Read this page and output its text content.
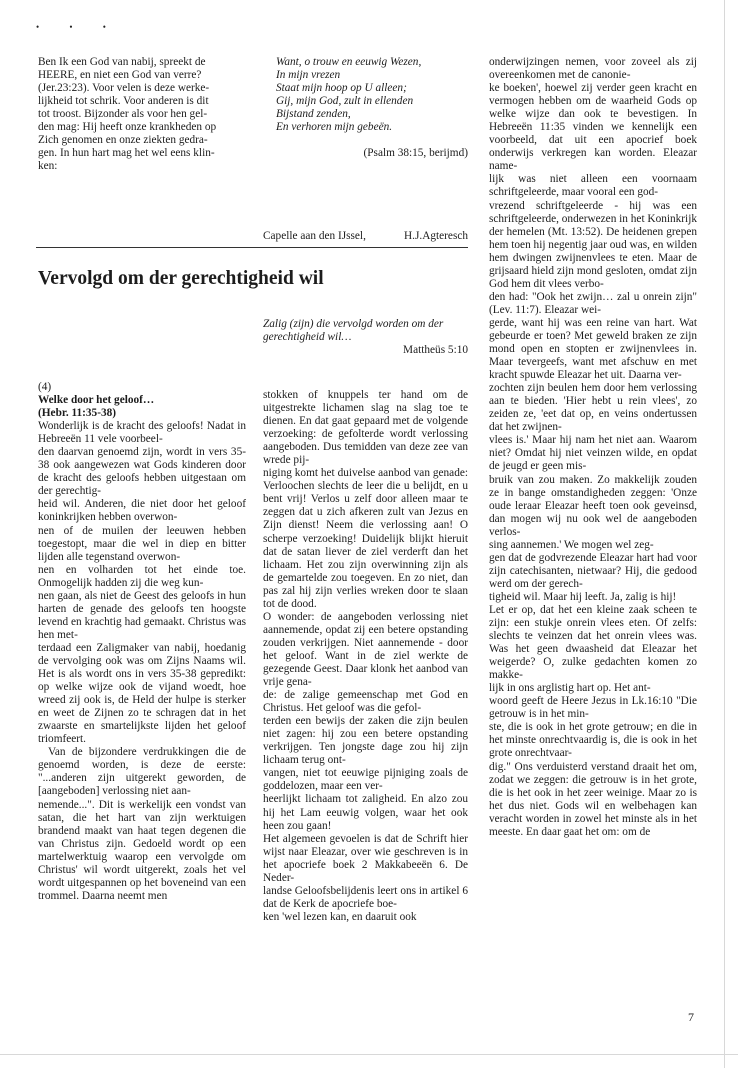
• • •

Ben Ik een God van nabij, spreekt de
HEERE, en niet een God van verre?
(Jer.23:23). Voor velen is deze werke-
lijkheid tot schrik. Voor anderen is dit
tot troost. Bijzonder als voor hen gel-
den mag: Hij heeft onze krankheden op
Zich genomen en onze ziekten gedra-
gen. In hun hart mag het wel eens klin-
ken:

Want, o trouw en eeuwig Wezen,
In mijn vrezen
Staat mijn hoop op U alleen;
Gij, mijn God, zult in ellenden
Bijstand zenden,
En verhoren mijn gebeën.

(Psalm 38:15, berijmd)

Capelle aan den IJssel,	H.J.Agteresch
Vervolgd om der gerechtigheid wil

Zalig (zijn) die vervolgd worden om der gerechtigheid wil…

Mattheüs 5:10

(4)

Welke door het geloof…
(Hebr. 11:35-38)

Wonderlijk is de kracht des geloofs! Nadat in Hebreeën 11 vele voorbeel-
den daarvan genoemd zijn, wordt in vers 35-38 ook aangewezen wat Gods kinderen door de kracht des geloofs hebben uitgestaan om der gerechtig-
heid wil. Anderen, die niet door het geloof koninkrijken hebben overwon-
nen of de muilen der leeuwen hebben toegestopt, maar die wel in diep en bitter lijden alle tegenstand overwon-
nen en volharden tot het einde toe. Onmogelijk hadden zij die weg kun-
nen gaan, als niet de Geest des geloofs in hun harten de genade des geloofs ten hoogste levend en krachtig had gemaakt. Christus was hen met-
terdaad een Zaligmaker van nabij, hoedanig de vervolging ook was om Zijns Naams wil. Het is als wordt ons in vers 35-38 gepredikt: op welke wijze ook de vijand woedt, hoe wreed zij ook is, de Held der hulpe is sterker en weet de Zijnen zo te schragen dat in het zwaarste en smartelijkste lijden het geloof triomfeert.

Van de bijzondere verdrukkingen die de genoemd worden, is deze de eerste: "...anderen zijn uitgerekt geworden, de [aangeboden] verlossing niet aan-
nemende...". Dit is werkelijk een vondst van satan, die het hart van zijn werktuigen brandend maakt van haat tegen degenen die van Christus zijn. Gedoeld wordt op een martelwerktuig waarop een vervolgde om Christus' wil wordt uitgerekt, zoals het vel wordt uitgespannen op het boveneind van een trommel. Daarna neemt men

stokken of knuppels ter hand om de uitgestrekte lichamen slag na slag toe te dienen. En dat gaat gepaard met de volgende verzoeking: de gefolterde wordt verlossing aangeboden. Dus temidden van deze zee van wrede pij-
niging komt het duivelse aanbod van genade: Verloochen slechts de leer die u belijdt, en u bent vrij! Verlos u zelf door alleen maar te zeggen dat u zich afkeren zult van Jezus en Zijn dienst! Neem die verlossing aan! O scherpe verzoeking! Duidelijk blijkt hieruit dat de satan liever de ziel verderft dan het lichaam. Het zou zijn overwinning zijn als de gemartelde zou toegeven. En zo niet, dan pas zal hij zijn verlies wreken door te slaan tot de dood.

O wonder: de aangeboden verlossing niet aannemende, opdat zij een betere opstanding zouden verkrijgen. Niet aannemende - door het geloof. Want in de ziel werkte de gezegende Geest. Daar klonk het aanbod van vrije gena-
de: de zalige gemeenschap met God en Christus. Het geloof was die gefol-
terden een bewijs der zaken die zijn beulen niet zagen: hij zou een betere opstanding verkrijgen. Ten jongste dage zou hij zijn lichaam terug ont-
vangen, niet tot eeuwige pijniging zoals de goddelozen, maar een ver-
heerlijkt lichaam tot zaligheid. En alzo zou hij het Lam eeuwig volgen, waar het ook heen zou gaan!

Het algemeen gevoelen is dat de Schrift hier wijst naar Eleazar, over wie geschreven is in het apocriefe boek 2 Makkabeeën 6. De Neder-
landse Geloofsbelijdenis leert ons in artikel 6 dat de Kerk de apocriefe boe-
ken 'wel lezen kan, en daaruit ook

onderwijzingen nemen, voor zoveel als zij overeenkomen met de canonie-
ke boeken', hoewel zij verder geen kracht en vermogen hebben om de waarheid Gods op welke wijze dan ook te bevestigen. In Hebreeën 11:35 vinden we kennelijk een voorbeeld, dat uit een apocrief boek onderwijs verkregen kan worden. Eleazar name-
lijk was niet alleen een voornaam schriftgeleerde, maar vooral een god-
vrezend schriftgeleerde - hij was een schriftgeleerde, onderwezen in het Koninkrijk der hemelen (Mt. 13:52). De heidenen grepen hem toen hij negentig jaar oud was, en wilden hem dwingen zwijnenvlees te eten. Maar de grijsaard hield zijn mond gesloten, omdat zijn God hem dit vlees verbo-
den had: "Ook het zwijn… zal u onrein zijn" (Lev. 11:7). Eleazar wei-
gerde, want hij was een reine van hart. Wat gebeurde er toen? Met geweld braken ze zijn mond open en stopten er zwijnenvlees in. Maar tevergeefs, want met afschuw en met kracht spuwde Eleazar het uit. Daarna ver-
zochten zijn beulen hem door hem verlossing aan te bieden. 'Hier hebt u rein vlees', zo zeiden ze, 'eet dat op, en veins ondertussen dat het zwijnen-
vlees is.' Maar hij nam het niet aan. Waarom niet? Omdat hij niet veinzen wilde, en opdat de jeugd er geen mis-
bruik van zou maken. Zo makkelijk zouden ze in bange omstandigheden zeggen: 'Onze oude leraar Eleazar heeft toen ook geveinsd, dan mogen wij nu ook wel de aangeboden verlos-
sing aannemen.' We mogen wel zeg-
gen dat de godvrezende Eleazar hart had voor zijn catechisanten, nietwaar? Hij, die gedood werd om der gerech-
tigheid wil. Maar hij leeft. Ja, zalig is hij!

Let er op, dat het een kleine zaak scheen te zijn: een stukje onrein vlees eten. Of zelfs: slechts te veinzen dat het onrein vlees was. Was het geen dwaasheid dat Eleazar het weigerde? O, zulke gedachten komen zo makke-
lijk in ons arglistig hart op. Het ant-
woord geeft de Heere Jezus in Lk.16:10 "Die getrouw is in het min-
ste, die is ook in het grote getrouw; en die in het minste onrechtvaardig is, die is ook in het grote onrechtvaar-
dig." Ons verduisterd verstand draait het om, zodat we zeggen: die getrouw is in het grote, die is het ook in het zeer weinige. Maar zo is het dus niet. Gods wil en welbehagen kan veracht worden in zowel het minste als in het meeste. En daar gaat het om: om de

7
